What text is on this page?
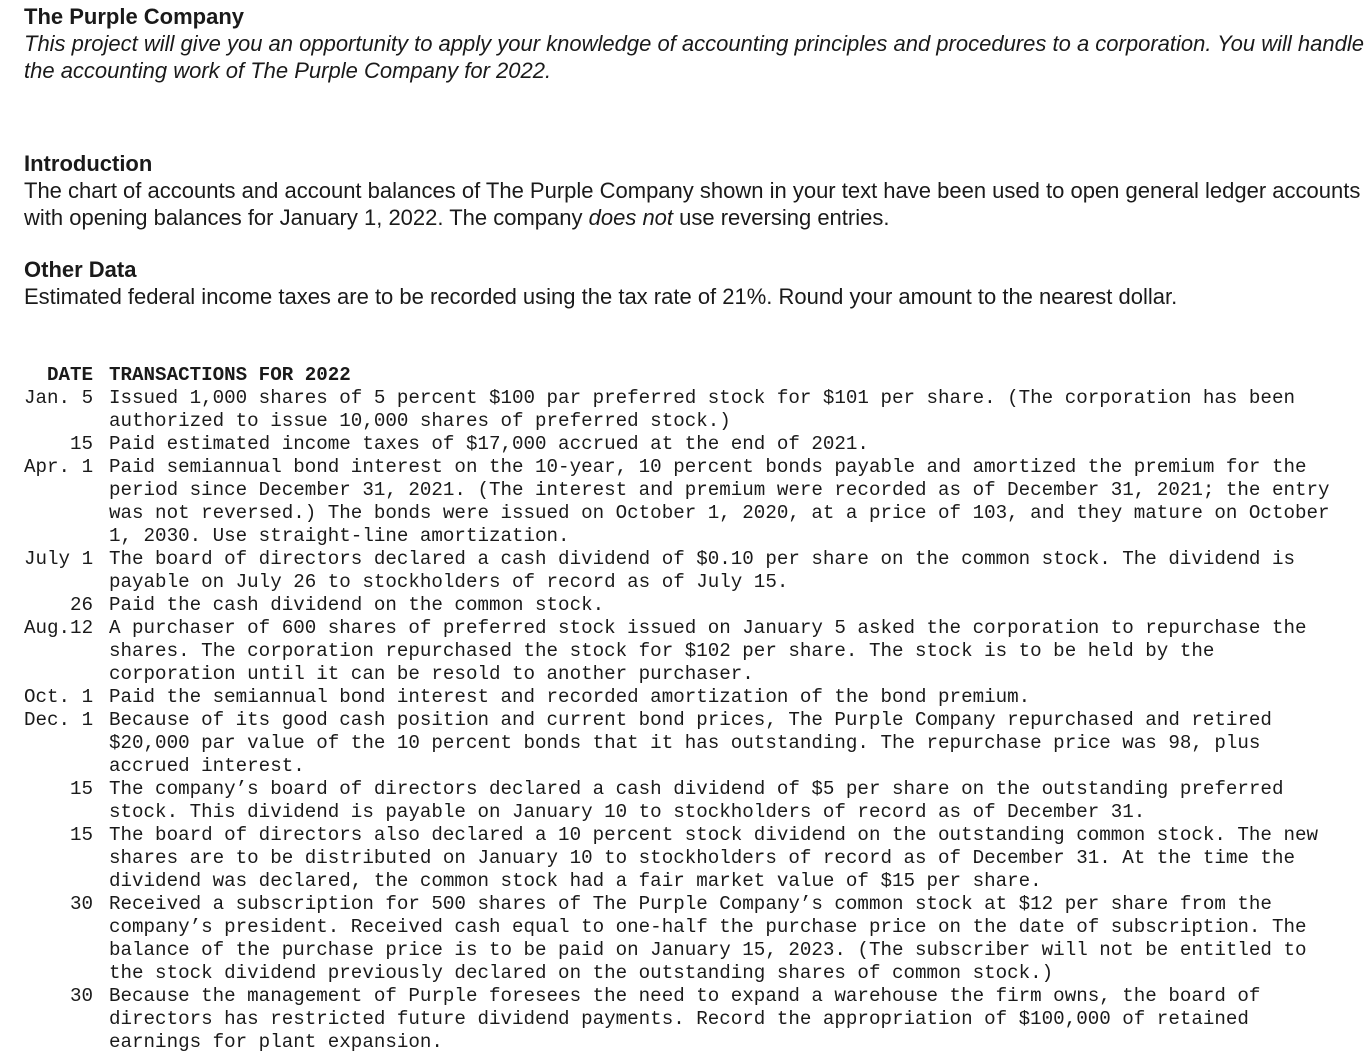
The Purple Company
This project will give you an opportunity to apply your knowledge of accounting principles and procedures to a corporation. You will handle the accounting work of The Purple Company for 2022.
Introduction
The chart of accounts and account balances of The Purple Company shown in your text have been used to open general ledger accounts with opening balances for January 1, 2022. The company does not use reversing entries.
Other Data
Estimated federal income taxes are to be recorded using the tax rate of 21%. Round your amount to the nearest dollar.
DATE TRANSACTIONS FOR 2022
Jan. 5 Issued 1,000 shares of 5 percent $100 par preferred stock for $101 per share. (The corporation has been authorized to issue 10,000 shares of preferred stock.)
15 Paid estimated income taxes of $17,000 accrued at the end of 2021.
Apr. 1 Paid semiannual bond interest on the 10-year, 10 percent bonds payable and amortized the premium for the period since December 31, 2021. (The interest and premium were recorded as of December 31, 2021; the entry was not reversed.) The bonds were issued on October 1, 2020, at a price of 103, and they mature on October 1, 2030. Use straight-line amortization.
July 1 The board of directors declared a cash dividend of $0.10 per share on the common stock. The dividend is payable on July 26 to stockholders of record as of July 15.
26 Paid the cash dividend on the common stock.
Aug.12 A purchaser of 600 shares of preferred stock issued on January 5 asked the corporation to repurchase the shares. The corporation repurchased the stock for $102 per share. The stock is to be held by the corporation until it can be resold to another purchaser.
Oct. 1 Paid the semiannual bond interest and recorded amortization of the bond premium.
Dec. 1 Because of its good cash position and current bond prices, The Purple Company repurchased and retired $20,000 par value of the 10 percent bonds that it has outstanding. The repurchase price was 98, plus accrued interest.
15 The company’s board of directors declared a cash dividend of $5 per share on the outstanding preferred stock. This dividend is payable on January 10 to stockholders of record as of December 31.
15 The board of directors also declared a 10 percent stock dividend on the outstanding common stock. The new shares are to be distributed on January 10 to stockholders of record as of December 31. At the time the dividend was declared, the common stock had a fair market value of $15 per share.
30 Received a subscription for 500 shares of The Purple Company’s common stock at $12 per share from the company’s president. Received cash equal to one-half the purchase price on the date of subscription. The balance of the purchase price is to be paid on January 15, 2023. (The subscriber will not be entitled to the stock dividend previously declared on the outstanding shares of common stock.)
30 Because the management of Purple foresees the need to expand a warehouse the firm owns, the board of directors has restricted future dividend payments. Record the appropriation of $100,000 of retained earnings for plant expansion.
